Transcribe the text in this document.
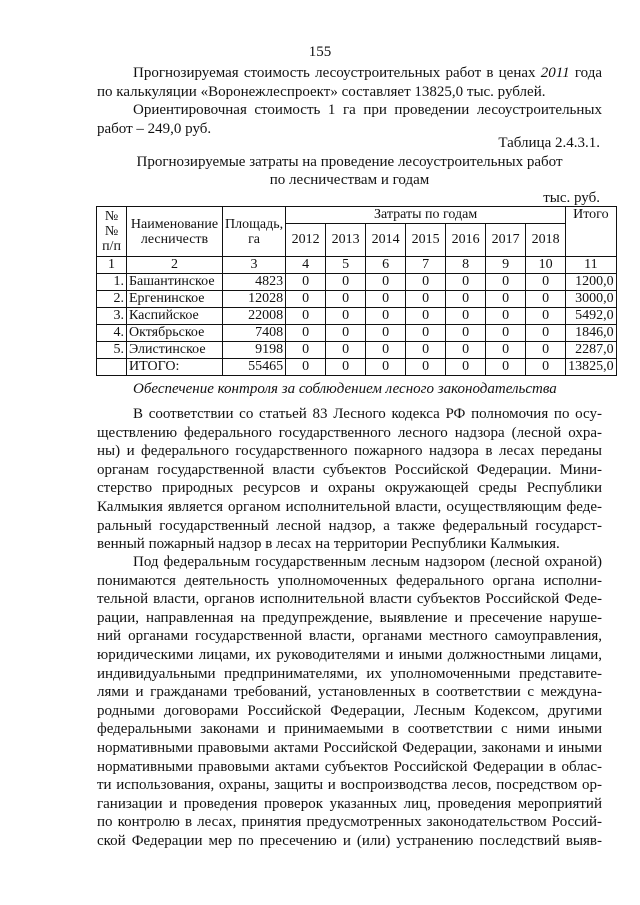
155
Прогнозируемая стоимость лесоустроительных работ в ценах 2011 года
по калькуляции «Воронежлеспроект» составляет 13825,0 тыс. рублей.
Ориентировочная стоимость 1 га при проведении лесоустроительных
работ – 249,0 руб.
Таблица 2.4.3.1.
Прогнозируемые затраты на проведение лесоустроительных работ
по лесничествам и годам
тыс. руб.
№№ п/п	Наименование лесничеств	Площадь, га	Затраты по годам							Итого
			2012	2013	2014	2015	2016	2017	2018	
1	2	3	4	5	6	7	8	9	10	11
1.	Башантинское	4823	0	0	0	0	0	0	0	1200,0
2.	Ергенинское	12028	0	0	0	0	0	0	0	3000,0
3.	Каспийское	22008	0	0	0	0	0	0	0	5492,0
4.	Октябрьское	7408	0	0	0	0	0	0	0	1846,0
5.	Элистинское	9198	0	0	0	0	0	0	0	2287,0
	ИТОГО:	55465	0	0	0	0	0	0	0	13825,0
Обеспечение контроля за соблюдением лесного законодательства
В соответствии со статьей 83 Лесного кодекса РФ полномочия по осу-
ществлению федерального государственного лесного надзора (лесной охра-
ны) и федерального государственного пожарного надзора в лесах переданы
органам государственной власти субъектов Российской Федерации. Мини-
стерство природных ресурсов и охраны окружающей среды Республики
Калмыкия является органом исполнительной власти, осуществляющим феде-
ральный государственный лесной надзор, а также федеральный государст-
венный пожарный надзор в лесах на территории Республики Калмыкия.
Под федеральным государственным лесным надзором (лесной охраной)
понимаются деятельность уполномоченных федерального органа исполни-
тельной власти, органов исполнительной власти субъектов Российской Феде-
рации, направленная на предупреждение, выявление и пресечение наруше-
ний органами государственной власти, органами местного самоуправления,
юридическими лицами, их руководителями и иными должностными лицами,
индивидуальными предпринимателями, их уполномоченными представите-
лями и гражданами требований, установленных в соответствии с междуна-
родными договорами Российской Федерации, Лесным Кодексом, другими
федеральными законами и принимаемыми в соответствии с ними иными
нормативными правовыми актами Российской Федерации, законами и иными
нормативными правовыми актами субъектов Российской Федерации в облас-
ти использования, охраны, защиты и воспроизводства лесов, посредством ор-
ганизации и проведения проверок указанных лиц, проведения мероприятий
по контролю в лесах, принятия предусмотренных законодательством Россий-
ской Федерации мер по пресечению и (или) устранению последствий выяв-
